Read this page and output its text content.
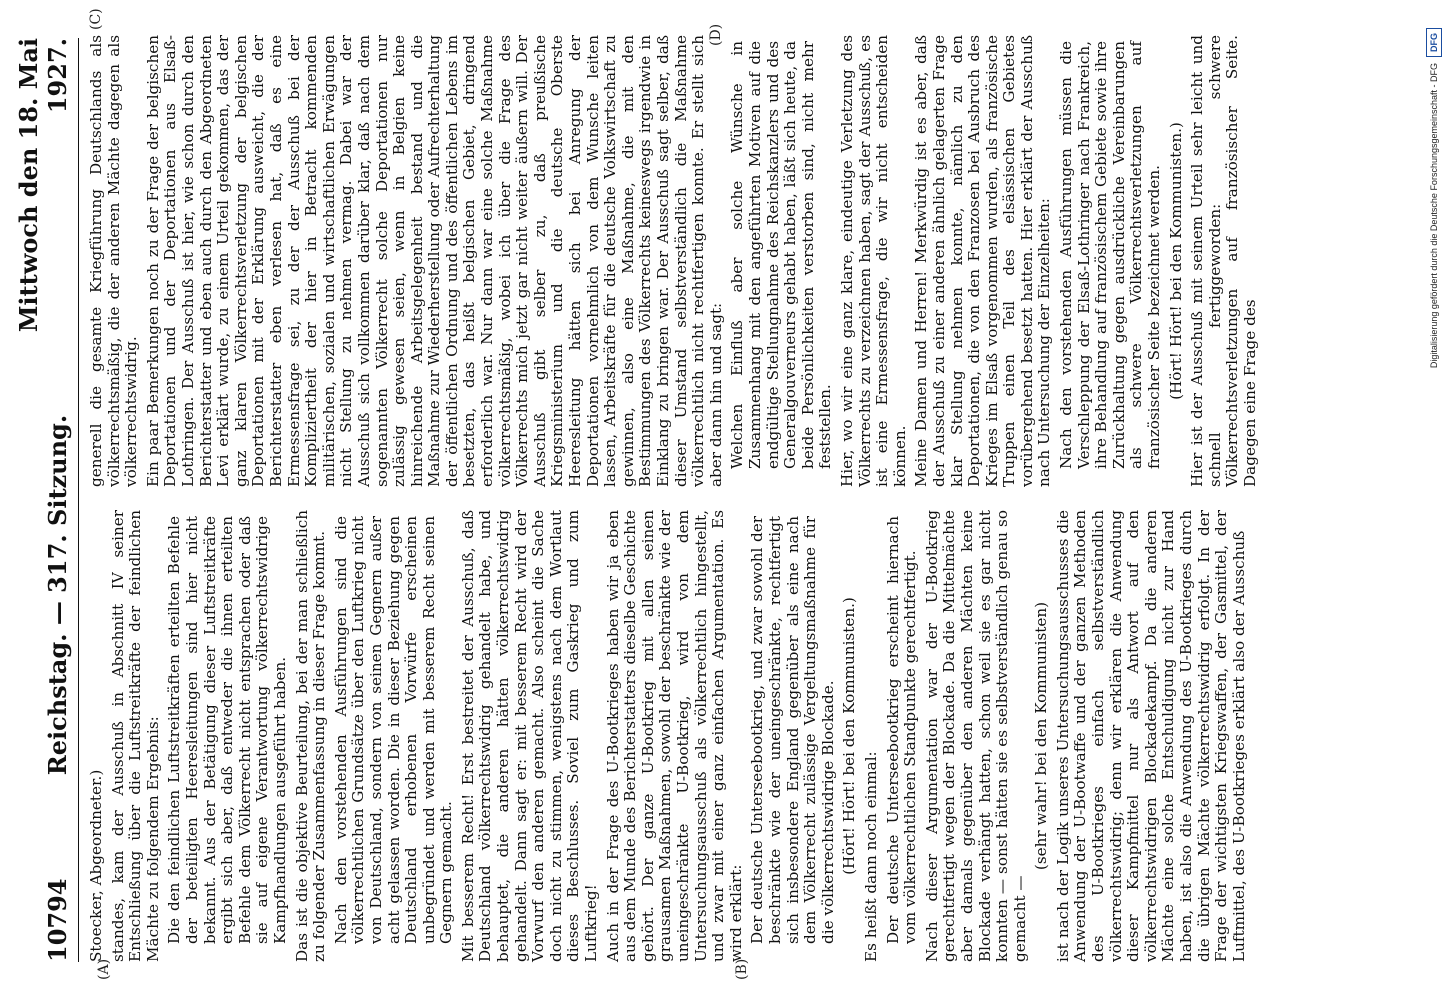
10794
Reichstag. — 317. Sitzung.
Mittwoch den 18. Mai 1927.
Stoecker, Abgeordneter.) standes, kam der Ausschuß in Abschnitt IV seiner Entschließung über die Luftstreitkräfte der feindlichen Mächte zu folgendem Ergebnis: Die den feindlichen Luftstreitkräften erteilten Befehle der beteiligten Heeresleitungen sind hier nicht bekannt. Aus der Betätigung dieser Luftstreitkräfte ergibt sich aber, daß entweder die ihnen erteilten Befehle dem Völkerrecht nicht entsprachen oder daß sie auf eigene Verantwortung völkerrechtswidrige Kampfhandlungen ausgeführt haben. Das ist die objektive Beurteilung, bei der man schließlich zu folgender Zusammenfassung in dieser Frage kommt. Nach den vorstehenden Ausführungen sind die völkerrechtlichen Grundsätze über den Luftkrieg nicht von Deutschland, sondern von seinen Gegnern außer acht gelassen worden. Die in dieser Beziehung gegen Deutschland erhobenen Vorwürfe erscheinen unbegründet und werden mit besserem Recht seinen Gegnern gemacht. Mit besserem Recht! Erst bestreitet der Ausschuß, daß Deutschland völkerrechtswidrig gehandelt habe, und behauptet, die anderen hätten völkerrechtswidrig gehandelt. Dann sagt er: mit besserem Recht wird der Vorwurf den anderen gemacht. Also scheint die Sache doch nicht zu stimmen, wenigstens nach dem Wortlaut dieses Beschlusses. Soviel zum Gaskrieg und zum Luftkrieg! Auch in der Frage des U-Bootkrieges haben wir ja eben aus dem Munde des Berichterstatters dieselbe Geschichte gehört. Der ganze U-Bootkrieg mit allen seinen grausamen Maßnahmen, sowohl der beschränkte wie der uneingeschränkte U-Bootkrieg, wird von dem Untersuchungsausschuß als völkerrechtlich hingestellt, und zwar mit einer ganz einfachen Argumentation. Es wird erklärt: Der deutsche Unterseebootkrieg, und zwar sowohl der beschränkte wie der uneingeschränkte, rechtfertigt sich insbesondere England gegenüber als eine nach dem Völkerrecht zulässige Vergeltungsmaßnahme für die völkerrechtswidrige Blockade. (Hört! Hört! bei den Kommunisten.) Es heißt dann noch einmal: Der deutsche Unterseebootkrieg erscheint hiernach vom völkerrechtlichen Standpunkte gerechtfertigt. Nach dieser Argumentation war der U-Bootkrieg gerechtfertigt wegen der Blockade. Da die Mittelmächte aber damals gegenüber den anderen Mächten keine Blockade verhängt hatten, schon weil sie es gar nicht konnten — sonst hätten sie es selbstverständlich genau so gemacht —
(sehr wahr! bei den Kommunisten) ist nach der Logik unseres Untersuchungsausschusses die Anwendung der U-Bootwaffe und der ganzen Methoden des U-Bootkrieges einfach selbstverständlich völkerrechtswidrig; denn wir erklären die Anwendung dieser Kampfmittel nur als Antwort auf den völkerrechtswidrigen Blockadekampf. Da die anderen Mächte eine solche Entschuldigung nicht zur Hand haben, ist also die Anwendung des U-Bootkrieges durch die übrigen Mächte völkerrechtswidrig erfolgt. In der Frage der wichtigsten Kriegswaffen, der Gasmittel, der Luftmittel, des U-Bootkrieges erklärt also der Ausschuß
generell die gesamte Kriegführung Deutschlands als völkerrechtsmäßig, die der anderen Mächte dagegen als völkerrechtswidrig. Ein paar Bemerkungen noch zu der Frage der belgischen Deportationen und der Deportationen aus Elsaß-Lothringen. Der Ausschuß ist hier, wie schon durch den Berichterstatter und eben auch durch den Abgeordneten Levi erklärt wurde, zu einem Urteil gekommen, das der ganz klaren Völkerrechtsverletzung der belgischen Deportationen mit der Erklärung ausweicht, die der Berichterstatter eben verlesen hat, daß es eine Ermessensfrage sei, zu der der Ausschuß bei der Kompliziertheit der hier in Betracht kommenden militärischen, sozialen und wirtschaftlichen Erwägungen nicht Stellung zu nehmen vermag. Dabei war der Ausschuß sich vollkommen darüber klar, daß nach dem sogenannten Völkerrecht solche Deportationen nur zulässig gewesen seien, wenn in Belgien keine hinreichende Arbeitsgelegenheit bestand und die Maßnahme zur Wiederherstellung oder Aufrechterhaltung der öffentlichen Ordnung und des öffentlichen Lebens im besetzten, das heißt belgischen Gebiet, dringend erforderlich war. Nur dann war eine solche Maßnahme völkerrechtsmäßig, wobei ich über die Frage des Völkerrechts mich jetzt gar nicht weiter äußern will. Der Ausschuß gibt selber zu, daß preußische Kriegsministerium und die deutsche Oberste Heeresleitung hätten sich bei Anregung der Deportationen vornehmlich von dem Wunsche leiten lassen, Arbeitskräfte für die deutsche Volkswirtschaft zu gewinnen, also eine Maßnahme, die mit den Bestimmungen des Völkerrechts keineswegs irgendwie in Einklang zu bringen war. Der Ausschuß sagt selber, daß dieser Umstand selbstverständlich die Maßnahme völkerrechtlich nicht rechtfertigen konnte. Er stellt sich aber dann hin und sagt: Welchen Einfluß aber solche Wünsche in Zusammenhang mit den angeführten Motiven auf die endgültige Stellungnahme des Reichskanzlers und des Generalgouverneurs gehabt haben, läßt sich heute, da beide Persönlichkeiten verstorben sind, nicht mehr feststellen. Hier, wo wir eine ganz klare, eindeutige Verletzung des Völkerrechts zu verzeichnen haben, sagt der Ausschuß, es ist eine Ermessensfrage, die wir nicht entscheiden können. Meine Damen und Herren! Merkwürdig ist es aber, daß der Ausschuß zu einer anderen ähnlich gelagerten Frage klar Stellung nehmen konnte, nämlich zu den Deportationen, die von den Franzosen bei Ausbruch des Krieges im Elsaß vorgenommen wurden, als französische Truppen einen Teil des elsässischen Gebietes vorübergehend besetzt hatten. Hier erklärt der Ausschuß nach Untersuchung der Einzelheiten: Nach den vorstehenden Ausführungen müssen die Verschleppung der Elsaß-Lothringer nach Frankreich, ihre Behandlung auf französischem Gebiete sowie ihre Zurückhaltung gegen ausdrückliche Vereinbarungen als schwere Völkerrechtsverletzungen auf französischer Seite bezeichnet werden. (Hört! Hört! bei den Kommunisten.) Hier ist der Ausschuß mit seinem Urteil sehr leicht und schnell fertiggeworden: schwere Völkerrechtsverletzungen auf französischer Seite. Dagegen eine Frage des
(A)	(B)
(C)
(D)
Digitalisierung gefördert durch die Deutsche Forschungsgemeinschaft - DFG
DFG
